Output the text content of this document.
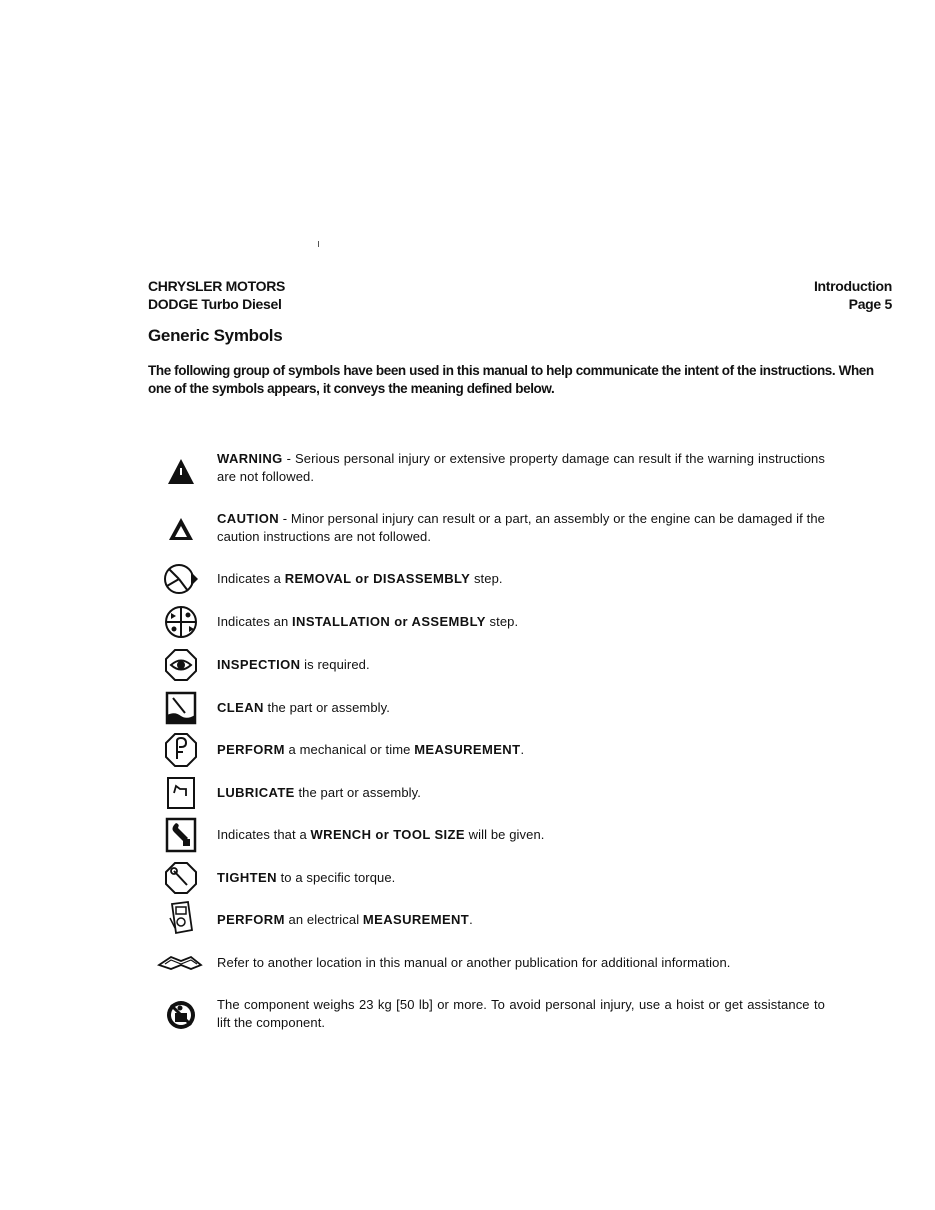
CHRYSLER MOTORS
DODGE Turbo Diesel
Introduction
Page 5
Generic Symbols
The following group of symbols have been used in this manual to help communicate the intent of the instructions. When one of the symbols appears, it conveys the meaning defined below.
WARNING - Serious personal injury or extensive property damage can result if the warning instructions are not followed.
CAUTION - Minor personal injury can result or a part, an assembly or the engine can be damaged if the caution instructions are not followed.
Indicates a REMOVAL or DISASSEMBLY step.
Indicates an INSTALLATION or ASSEMBLY step.
INSPECTION is required.
CLEAN the part or assembly.
PERFORM a mechanical or time MEASUREMENT.
LUBRICATE the part or assembly.
Indicates that a WRENCH or TOOL SIZE will be given.
TIGHTEN to a specific torque.
PERFORM an electrical MEASUREMENT.
Refer to another location in this manual or another publication for additional information.
The component weighs 23 kg [50 lb] or more. To avoid personal injury, use a hoist or get assistance to lift the component.
